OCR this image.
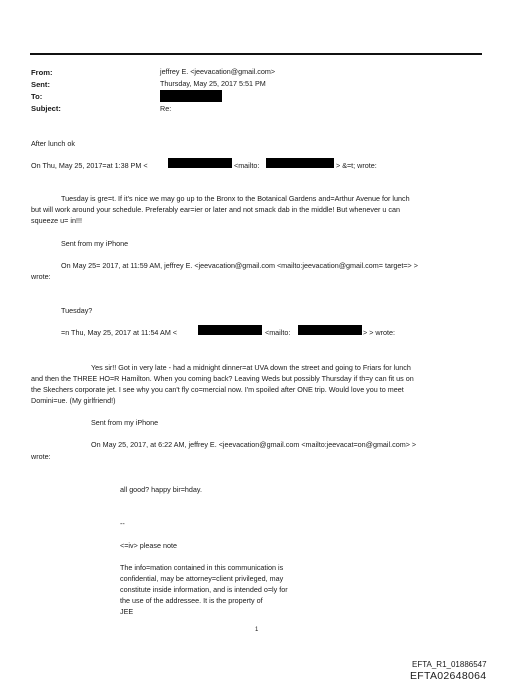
From:	jeffrey E. <jeevacation@gmail.com>
Sent:	Thursday, May 25, 2017 5:51 PM
To:
Subject:	Re:
After lunch ok
On Thu, May 25, 2017=at 1:38 PM <	<mailto:	> &=t; wrote:
Tuesday is gre=t. If it's nice we may go up to the Bronx to the Botanical Gardens and=Arthur Avenue for lunch
but will work around your schedule. Preferably ear=ier or later and not smack dab in the middle! But whenever u can
squeeze u= in!!!
Sent from my iPhone
On May 25= 2017, at 11:59 AM, jeffrey E. <jeevacation@gmail.com <mailto:jeevacation@gmail.com= target=> >
wrote:
Tuesday?
=n Thu, May 25, 2017 at 11:54 AM <	<mailto:	> > wrote:
Yes sir!! Got in very late - had a midnight dinner=at UVA down the street and going to Friars for lunch
and then the THREE HO=R Hamilton. When you coming back? Leaving Weds but possibly Thursday if th=y can fit us on
the Skechers corporate jet. I see why you can't fly co=mercial now. I'm spoiled after ONE trip. Would love you to meet
Domini=ue. (My girlfriend!)
Sent from my iPhone
On May 25, 2017, at 6:22 AM, jeffrey E. <jeevacation@gmail.com <mailto:jeevacat=on@gmail.com> >
wrote:
all good? happy bir=hday.
--
<=iv> please note
The info=mation contained in this communication is
confidential, may be attorney=client privileged, may
constitute inside information, and is intended o=ly for
the use of the addressee. It is the property of
JEE
1
EFTA_R1_01886547
EFTA02648064
